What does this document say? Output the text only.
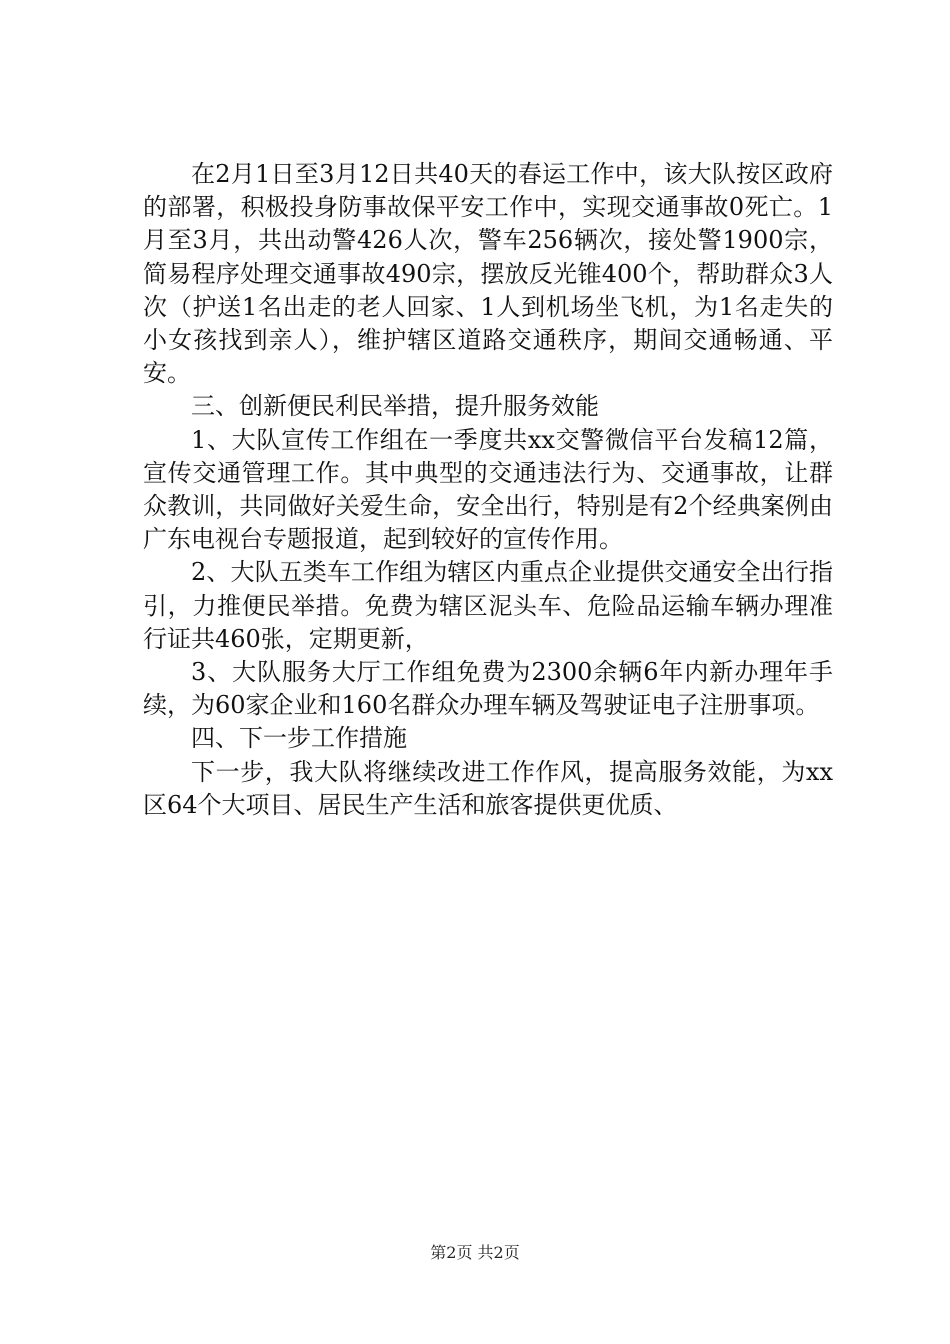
在2月1日至3月12日共40天的春运工作中，该大队按区政府的部署，积极投身防事故保平安工作中，实现交通事故0死亡。1月至3月，共出动警426人次，警车256辆次，接处警1900宗，简易程序处理交通事故490宗，摆放反光锥400个，帮助群众3人次（护送1名出走的老人回家、1人到机场坐飞机，为1名走失的小女孩找到亲人），维护辖区道路交通秩序，期间交通畅通、平安。

三、创新便民利民举措，提升服务效能

1、大队宣传工作组在一季度共xx交警微信平台发稿12篇，宣传交通管理工作。其中典型的交通违法行为、交通事故，让群众教训，共同做好关爱生命，安全出行，特别是有2个经典案例由广东电视台专题报道，起到较好的宣传作用。

2、大队五类车工作组为辖区内重点企业提供交通安全出行指引，力推便民举措。免费为辖区泥头车、危险品运输车辆办理准行证共460张，定期更新，

3、大队服务大厅工作组免费为2300余辆6年内新办理年手续，为60家企业和160名群众办理车辆及驾驶证电子注册事项。

四、下一步工作措施

下一步，我大队将继续改进工作作风，提高服务效能，为xx区64个大项目、居民生产生活和旅客提供更优质、

第2页 共2页
